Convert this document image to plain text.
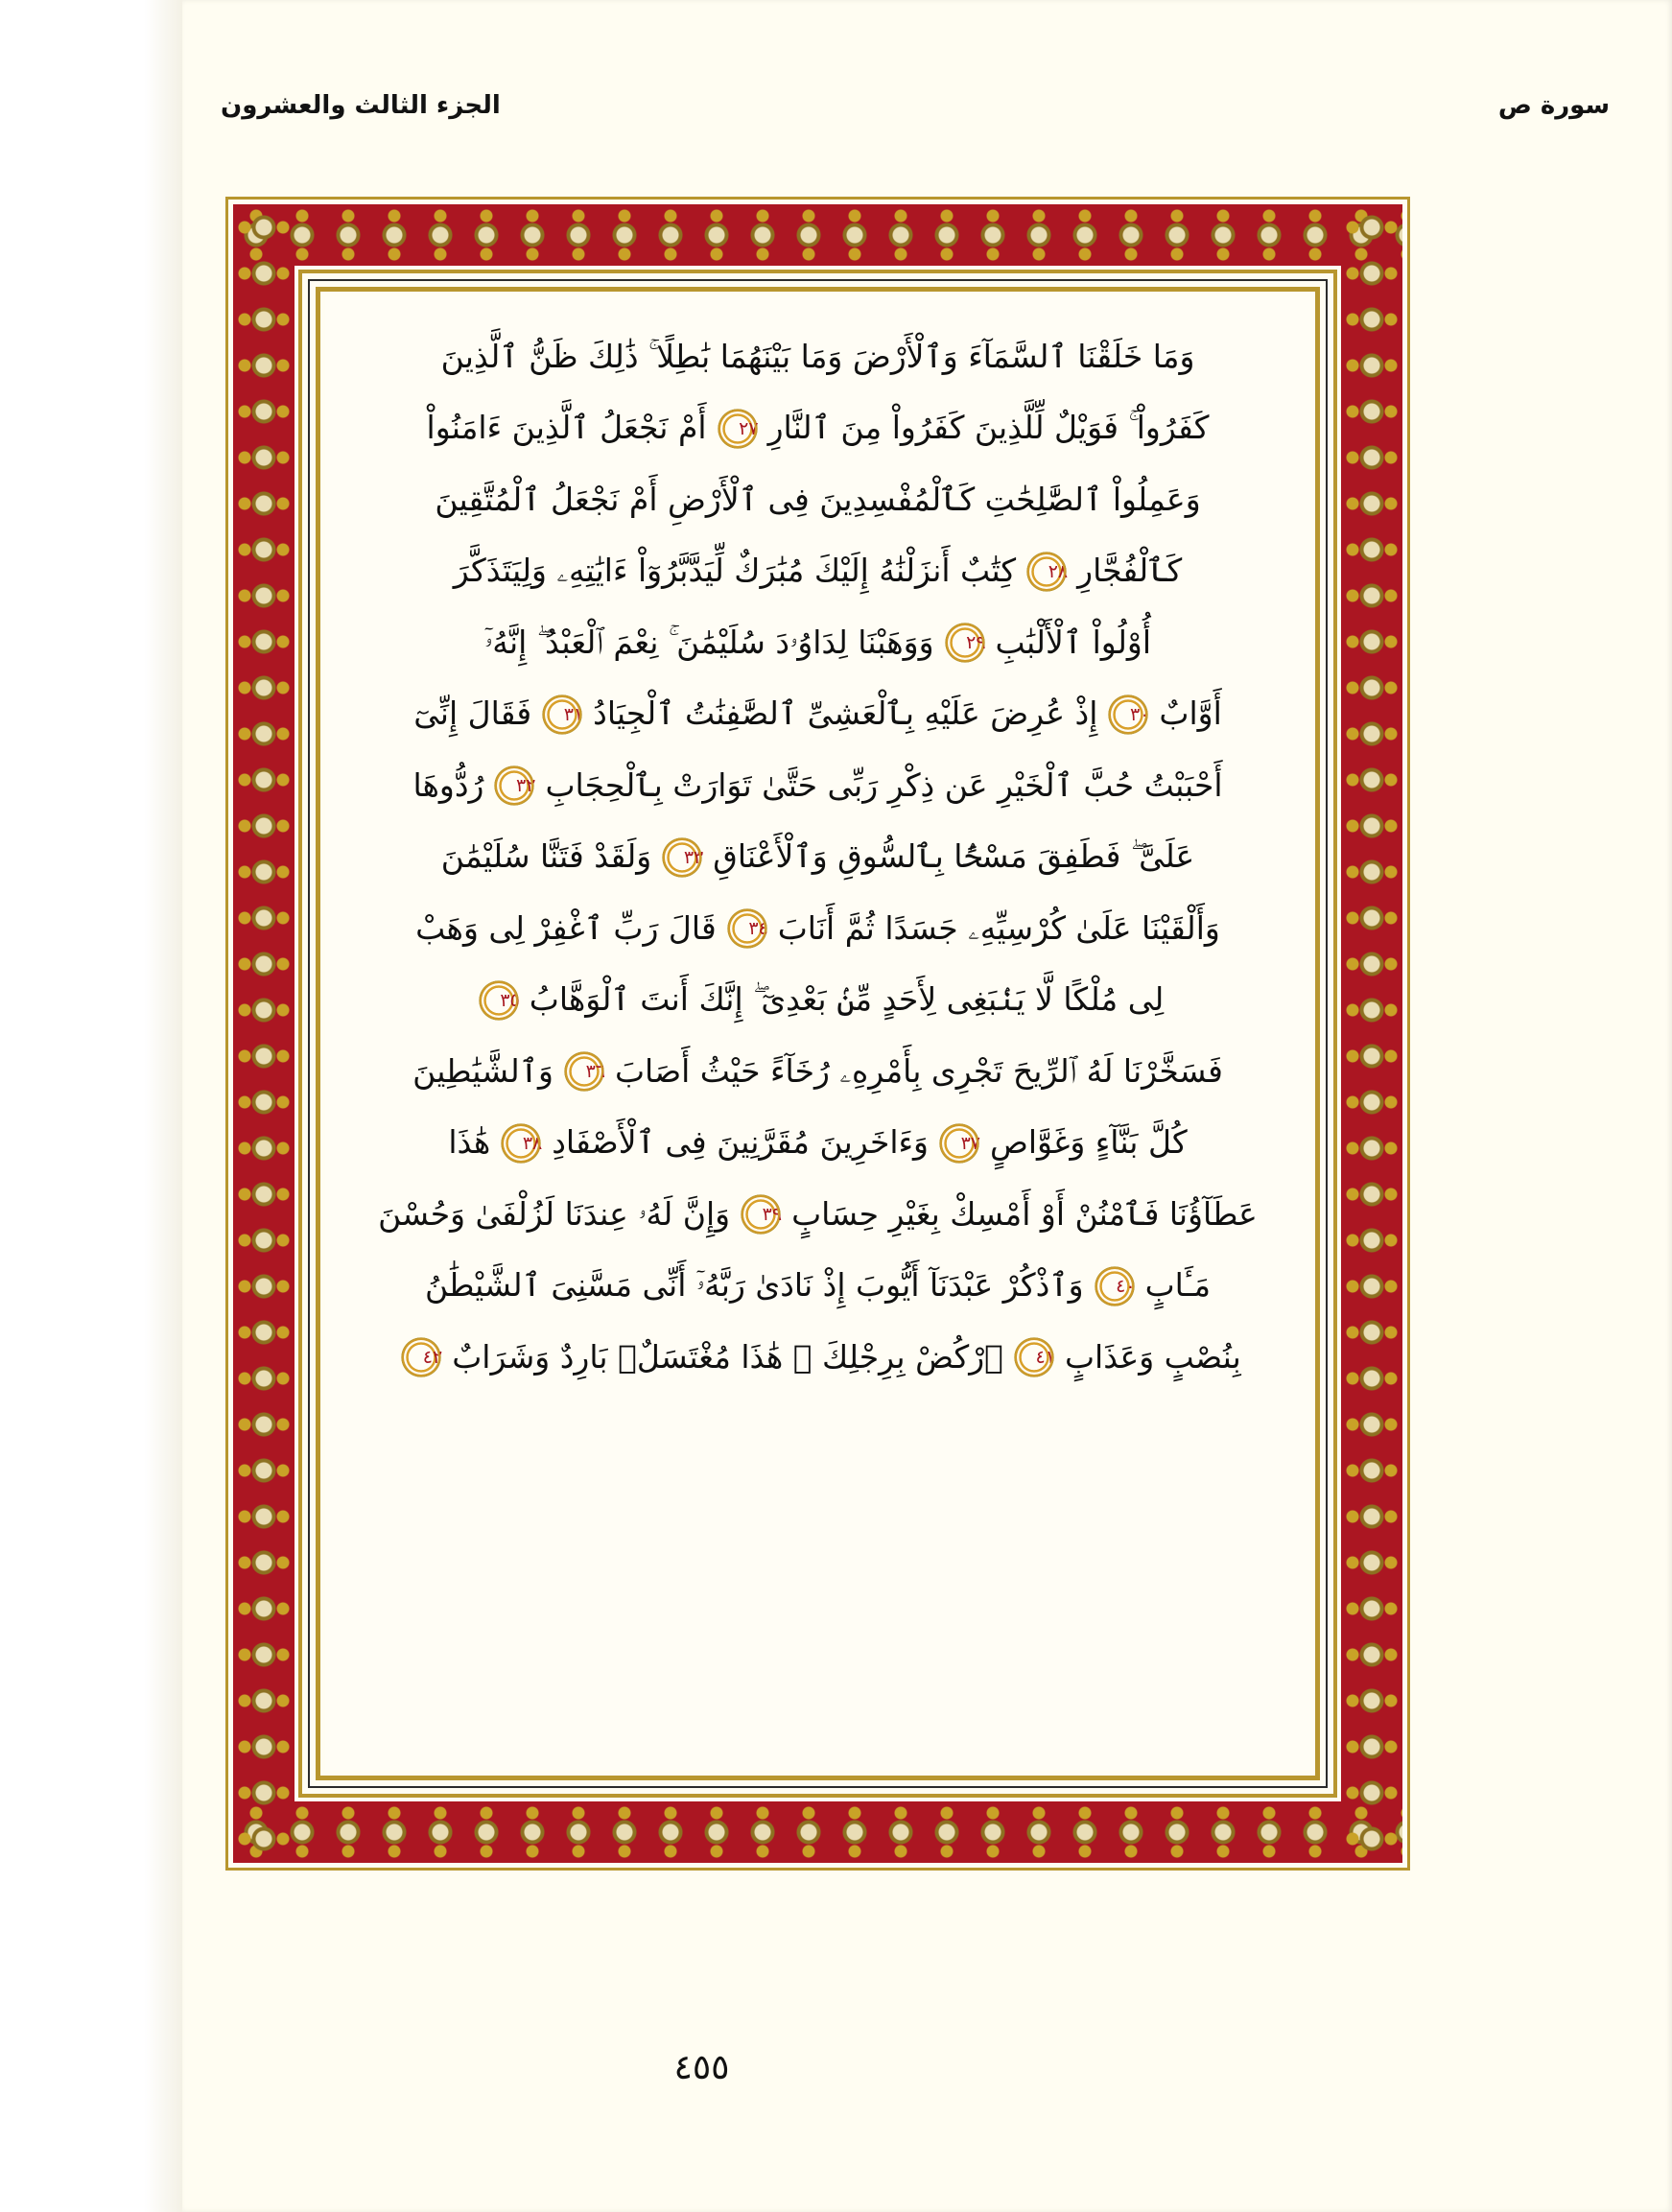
الجزء الثالث والعشرون	سورة ص
وَمَا خَلَقْنَا ٱلسَّمَآءَ وَٱلْأَرْضَ وَمَا بَيْنَهُمَا بَٰطِلًا ۚ ذَٰلِكَ ظَنُّ ٱلَّذِينَ
كَفَرُواْ ۚ فَوَيْلٌ لِّلَّذِينَ كَفَرُواْ مِنَ ٱلنَّارِ
٢٧
أَمْ نَجْعَلُ ٱلَّذِينَ ءَامَنُواْ
وَعَمِلُواْ ٱلصَّٰلِحَٰتِ كَٱلْمُفْسِدِينَ فِى ٱلْأَرْضِ أَمْ نَجْعَلُ ٱلْمُتَّقِينَ
كَٱلْفُجَّارِ
٢٨
كِتَٰبٌ أَنزَلْنَٰهُ إِلَيْكَ مُبَٰرَكٌ لِّيَدَّبَّرُوٓاْ ءَايَٰتِهِۦ وَلِيَتَذَكَّرَ
أُوْلُواْ ٱلْأَلْبَٰبِ
٢٩
وَوَهَبْنَا لِدَاوُۥدَ سُلَيْمَٰنَ ۚ نِعْمَ ٱلْعَبْدُ ۖ إِنَّهُۥٓ
أَوَّابٌ
٣٠
إِذْ عُرِضَ عَلَيْهِ بِٱلْعَشِىِّ ٱلصَّٰفِنَٰتُ ٱلْجِيَادُ
٣١
فَقَالَ إِنِّىٓ
أَحْبَبْتُ حُبَّ ٱلْخَيْرِ عَن ذِكْرِ رَبِّى حَتَّىٰ تَوَارَتْ بِٱلْحِجَابِ
٣٢
رُدُّوهَا
عَلَىَّ ۖ فَطَفِقَ مَسْحًۢا بِٱلسُّوقِ وَٱلْأَعْنَاقِ
٣٣
وَلَقَدْ فَتَنَّا سُلَيْمَٰنَ
وَأَلْقَيْنَا عَلَىٰ كُرْسِيِّهِۦ جَسَدًا ثُمَّ أَنَابَ
٣٤
قَالَ رَبِّ ٱغْفِرْ لِى وَهَبْ
لِى مُلْكًا لَّا يَنۢبَغِى لِأَحَدٍ مِّنۢ بَعْدِىٓ ۖ إِنَّكَ أَنتَ ٱلْوَهَّابُ
٣٥
فَسَخَّرْنَا لَهُ ٱلرِّيحَ تَجْرِى بِأَمْرِهِۦ رُخَآءً حَيْثُ أَصَابَ
٣٦
وَٱلشَّيَٰطِينَ
كُلَّ بَنَّآءٍ وَغَوَّاصٍ
٣٧
وَءَاخَرِينَ مُقَرَّنِينَ فِى ٱلْأَصْفَادِ
٣٨
هَٰذَا
عَطَآؤُنَا فَٱمْنُنْ أَوْ أَمْسِكْ بِغَيْرِ حِسَابٍ
٣٩
وَإِنَّ لَهُۥ عِندَنَا لَزُلْفَىٰ وَحُسْنَ
مَـَٔابٍ
٤٠
وَٱذْكُرْ عَبْدَنَآ أَيُّوبَ إِذْ نَادَىٰ رَبَّهُۥٓ أَنِّى مَسَّنِىَ ٱلشَّيْطَٰنُ
بِنُصْبٍ وَعَذَابٍ
٤١
ٱرْكُضْ بِرِجْلِكَ ۖ هَٰذَا مُغْتَسَلٌۢ بَارِدٌ وَشَرَابٌ
٤٢
٤٥٥
